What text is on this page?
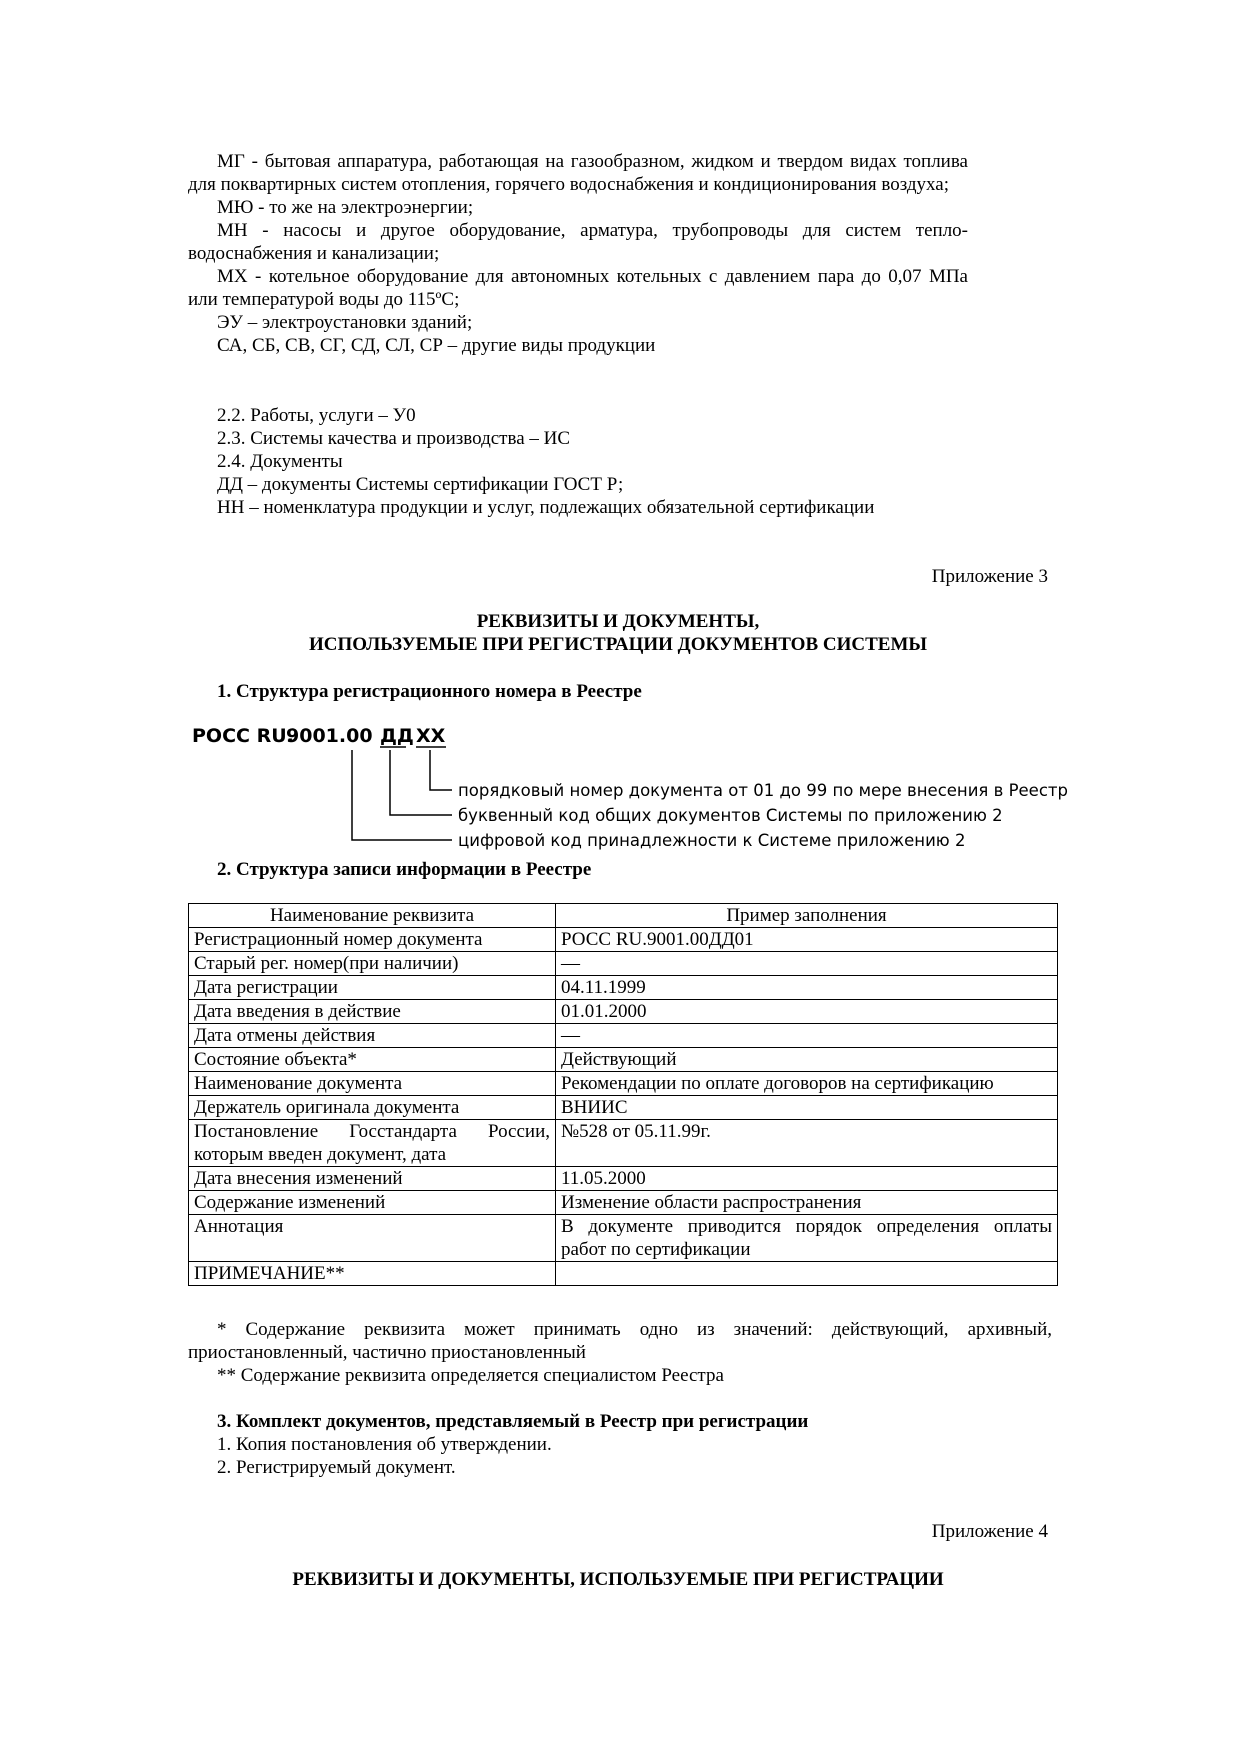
МГ - бытовая аппаратура, работающая на газообразном, жидком и твердом видах топлива для поквартирных систем отопления, горячего водоснабжения и кондиционирования воздуха;

МЮ - то же на электроэнергии;

МН - насосы и другое оборудование, арматура, трубопроводы для систем тепло-водоснабжения и канализации;

МХ - котельное оборудование для автономных котельных с давлением пара до 0,07 МПа или температурой воды до 115ºС;

ЭУ – электроустановки зданий;

СА, СБ, СВ, СГ, СД, СЛ, СР – другие виды продукции

2.2. Работы, услуги – У0
2.3. Системы качества и производства – ИС
2.4. Документы
ДД – документы Системы сертификации ГОСТ Р;
НН – номенклатура продукции и услуг, подлежащих обязательной сертификации
Приложение 3
РЕКВИЗИТЫ И ДОКУМЕНТЫ,
ИСПОЛЬЗУЕМЫЕ ПРИ РЕГИСТРАЦИИ ДОКУМЕНТОВ СИСТЕМЫ
1. Структура регистрационного номера в Реестре
РОСС RU.
9001.00 ДД ХХ
порядковый номер документа от 01 до 99 по мере внесения в Реестр
буквенный код общих документов Системы по приложению 2
цифровой код принадлежности к Системе приложению 2
2. Структура записи информации в Реестре
Наименование реквизита	Пример заполнения
Регистрационный номер документа	РОСС RU.9001.00ДД01
Старый рег. номер(при наличии)	—
Дата регистрации	04.11.1999
Дата введения в действие	01.01.2000
Дата отмены действия	—
Состояние объекта*	Действующий
Наименование документа	Рекомендации по оплате договоров на сертификацию
Держатель оригинала документа	ВНИИС
Постановление Госстандарта России, которым введен документ, дата	№528 от 05.11.99г.
Дата внесения изменений	11.05.2000
Содержание изменений	Изменение области распространения
Аннотация	В документе приводится порядок определения оплаты работ по сертификации
ПРИМЕЧАНИЕ**	

* Содержание реквизита может принимать одно из значений: действующий, архивный, приостановленный, частично приостановленный

** Содержание реквизита определяется специалистом Реестра

3. Комплект документов, представляемый в Реестр при регистрации
1. Копия постановления об утверждении.
2. Регистрируемый документ.
Приложение 4
РЕКВИЗИТЫ И ДОКУМЕНТЫ, ИСПОЛЬЗУЕМЫЕ ПРИ РЕГИСТРАЦИИ
